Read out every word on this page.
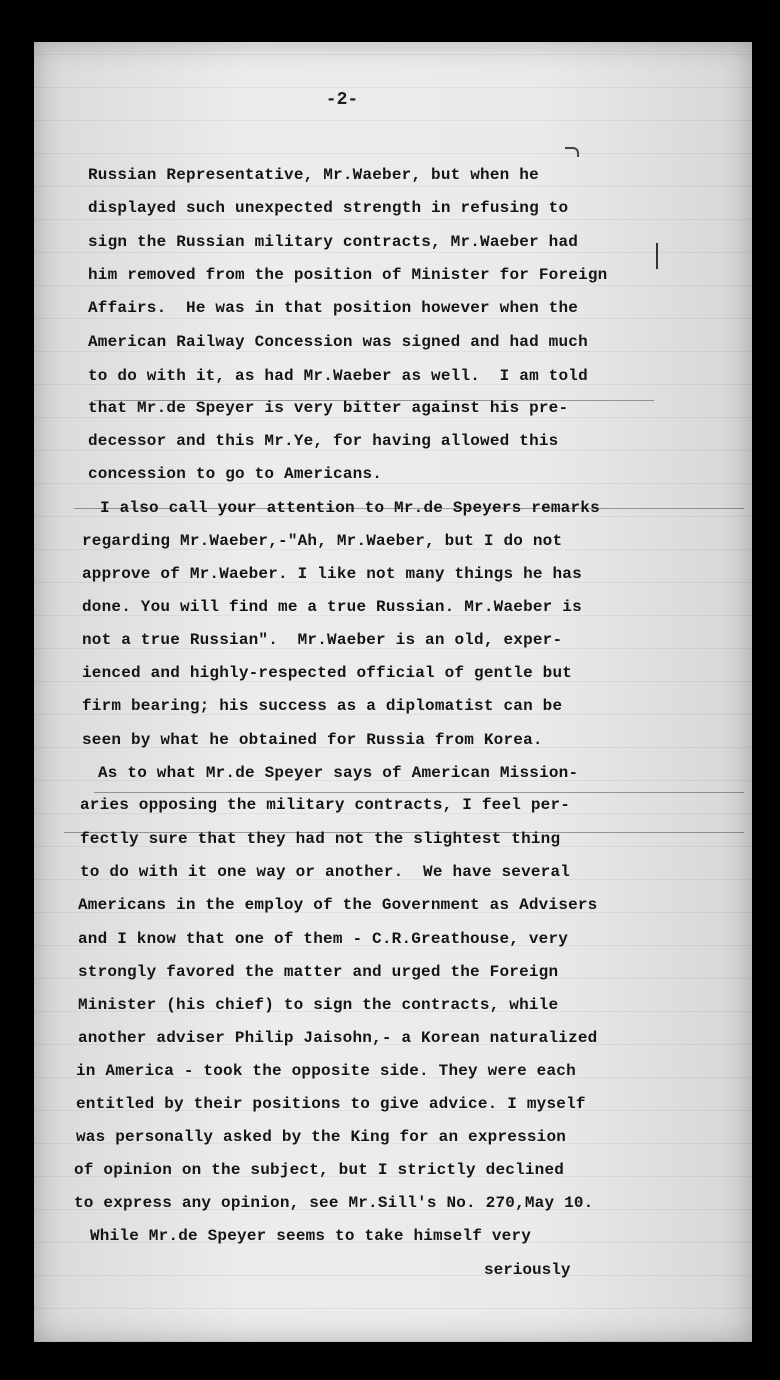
-2-
Russian Representative, Mr.Waeber, but when he
displayed such unexpected strength in refusing to
sign the Russian military contracts, Mr.Waeber had
him removed from the position of Minister for Foreign
Affairs.  He was in that position however when the
American Railway Concession was signed and had much
to do with it, as had Mr.Waeber as well.  I am told
that Mr.de Speyer is very bitter against his pre-
decessor and this Mr.Ye, for having allowed this
concession to go to Americans.
I also call your attention to Mr.de Speyers remarks
regarding Mr.Waeber,-"Ah, Mr.Waeber, but I do not
approve of Mr.Waeber. I like not many things he has
done. You will find me a true Russian. Mr.Waeber is
not a true Russian".  Mr.Waeber is an old, exper-
ienced and highly-respected official of gentle but
firm bearing; his success as a diplomatist can be
seen by what he obtained for Russia from Korea.
As to what Mr.de Speyer says of American Mission-
aries opposing the military contracts, I feel per-
fectly sure that they had not the slightest thing
to do with it one way or another.  We have several
Americans in the employ of the Government as Advisers
and I know that one of them - C.R.Greathouse, very
strongly favored the matter and urged the Foreign
Minister (his chief) to sign the contracts, while
another adviser Philip Jaisohn,- a Korean naturalized
in America - took the opposite side. They were each
entitled by their positions to give advice. I myself
was personally asked by the King for an expression
of opinion on the subject, but I strictly declined
to express any opinion, see Mr.Sill's No. 270,May 10.
While Mr.de Speyer seems to take himself very
seriously
